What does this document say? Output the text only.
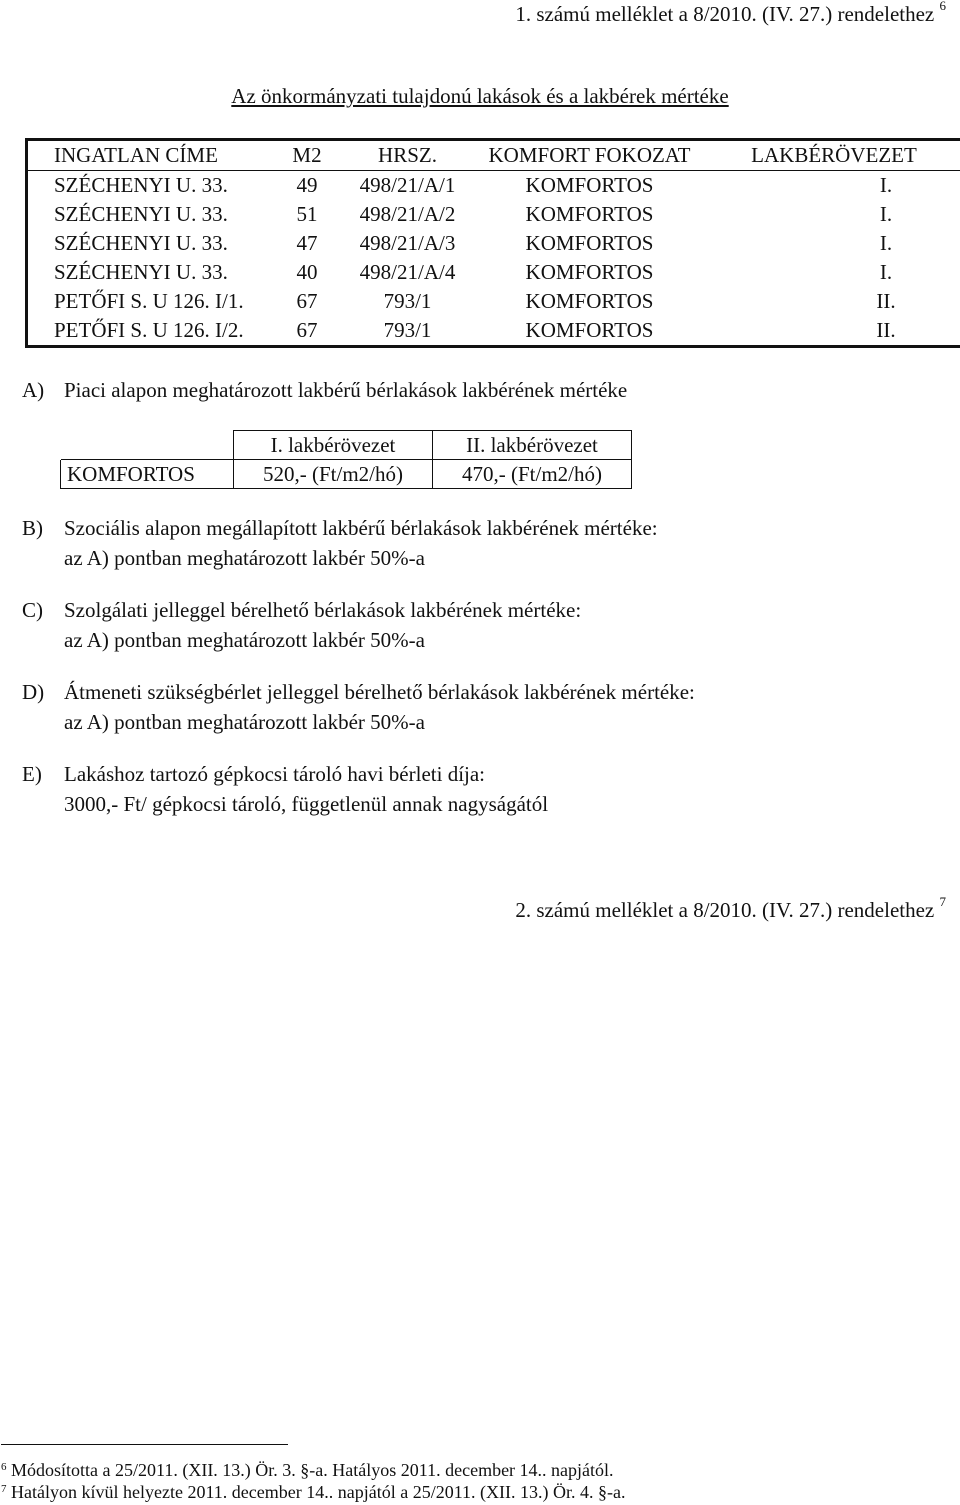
1. számú melléklet a 8/2010. (IV. 27.) rendelethez $^6$
Az önkormányzati tulajdonú lakások és a lakbérek mértéke
INGATLAN CÍME	M2	HRSZ.	KOMFORT FOKOZAT	LAKBÉRÖVEZET
SZÉCHENYI U. 33.	49	498/21/A/1	KOMFORTOS	I.
SZÉCHENYI U. 33.	51	498/21/A/2	KOMFORTOS	I.
SZÉCHENYI U. 33.	47	498/21/A/3	KOMFORTOS	I.
SZÉCHENYI U. 33.	40	498/21/A/4	KOMFORTOS	I.
PETŐFI S. U 126. I/1.	67	793/1	KOMFORTOS	II.
PETŐFI S. U 126. I/2.	67	793/1	KOMFORTOS	II.
A) Piaci alapon meghatározott lakbérű bérlakások lakbérének mértéke
	I. lakbérövezet	II. lakbérövezet
KOMFORTOS	520,- (Ft/m2/hó)	470,- (Ft/m2/hó)
B) Szociális alapon megállapított lakbérű bérlakások lakbérének mértéke:
az A) pontban meghatározott lakbér 50%-a
C) Szolgálati jelleggel bérelhető bérlakások lakbérének mértéke:
az A) pontban meghatározott lakbér 50%-a
D) Átmeneti szükségbérlet jelleggel bérelhető bérlakások lakbérének mértéke:
az A) pontban meghatározott lakbér 50%-a
E) Lakáshoz tartozó gépkocsi tároló havi bérleti díja:
3000,- Ft/ gépkocsi tároló, függetlenül annak nagyságától
2. számú melléklet a 8/2010. (IV. 27.) rendelethez $^7$
$^6$ Módosította a 25/2011. (XII. 13.) Ör. 3. §-a. Hatályos 2011. december 14.. napjától.
$^7$ Hatályon kívül helyezte 2011. december 14.. napjától a 25/2011. (XII. 13.) Ör. 4. §-a.
